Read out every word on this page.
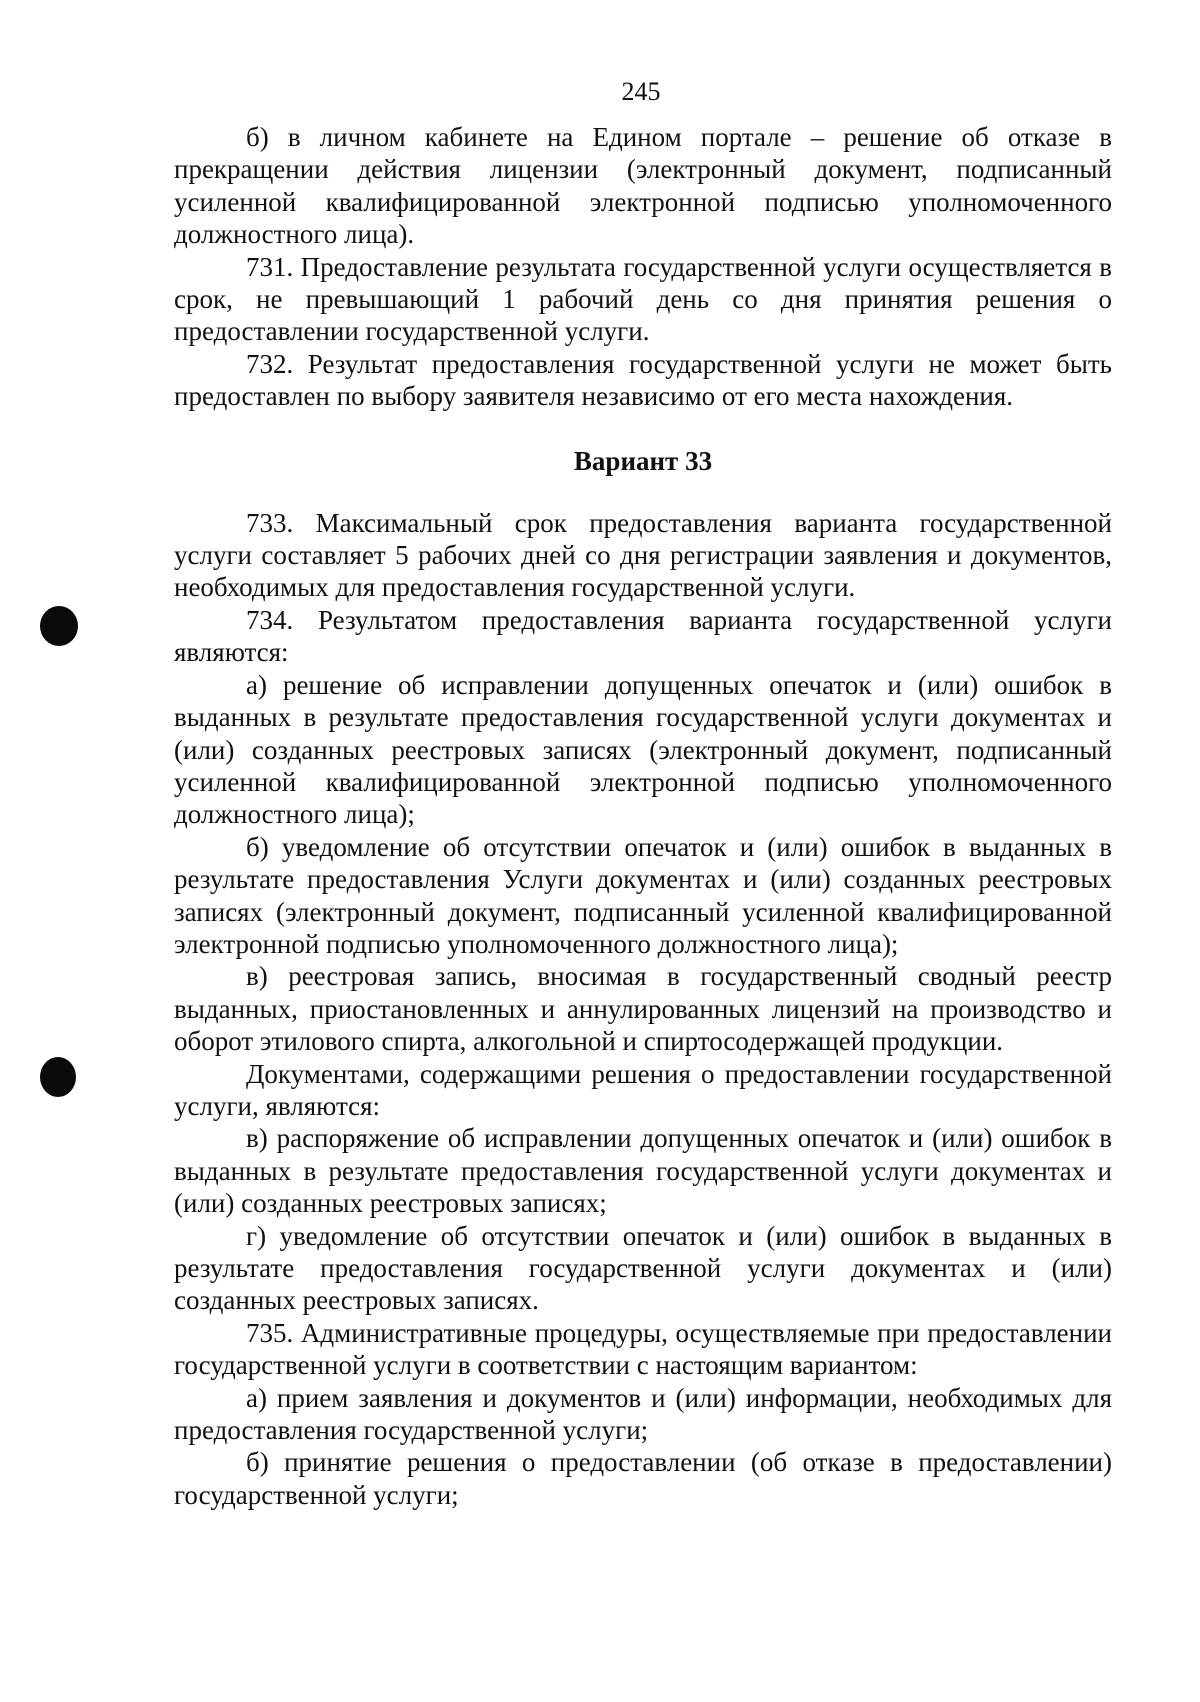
245

б) в личном кабинете на Едином портале – решение об отказе в прекращении действия лицензии (электронный документ, подписанный усиленной квалифицированной электронной подписью уполномоченного должностного лица).

731. Предоставление результата государственной услуги осуществляется в срок, не превышающий 1 рабочий день со дня принятия решения о предоставлении государственной услуги.

732. Результат предоставления государственной услуги не может быть предоставлен по выбору заявителя независимо от его места нахождения.

Вариант 33

733. Максимальный срок предоставления варианта государственной услуги составляет 5 рабочих дней со дня регистрации заявления и документов, необходимых для предоставления государственной услуги.

734. Результатом предоставления варианта государственной услуги являются:

а) решение об исправлении допущенных опечаток и (или) ошибок в выданных в результате предоставления государственной услуги документах и (или) созданных реестровых записях (электронный документ, подписанный усиленной квалифицированной электронной подписью уполномоченного должностного лица);

б) уведомление об отсутствии опечаток и (или) ошибок в выданных в результате предоставления Услуги документах и (или) созданных реестровых записях (электронный документ, подписанный усиленной квалифицированной электронной подписью уполномоченного должностного лица);

в) реестровая запись, вносимая в государственный сводный реестр выданных, приостановленных и аннулированных лицензий на производство и оборот этилового спирта, алкогольной и спиртосодержащей продукции.

Документами, содержащими решения о предоставлении государственной услуги, являются:

в) распоряжение об исправлении допущенных опечаток и (или) ошибок в выданных в результате предоставления государственной услуги документах и (или) созданных реестровых записях;

г) уведомление об отсутствии опечаток и (или) ошибок в выданных в результате предоставления государственной услуги документах и (или) созданных реестровых записях.

735. Административные процедуры, осуществляемые при предоставлении государственной услуги в соответствии с настоящим вариантом:

а) прием заявления и документов и (или) информации, необходимых для предоставления государственной услуги;

б) принятие решения о предоставлении (об отказе в предоставлении) государственной услуги;
